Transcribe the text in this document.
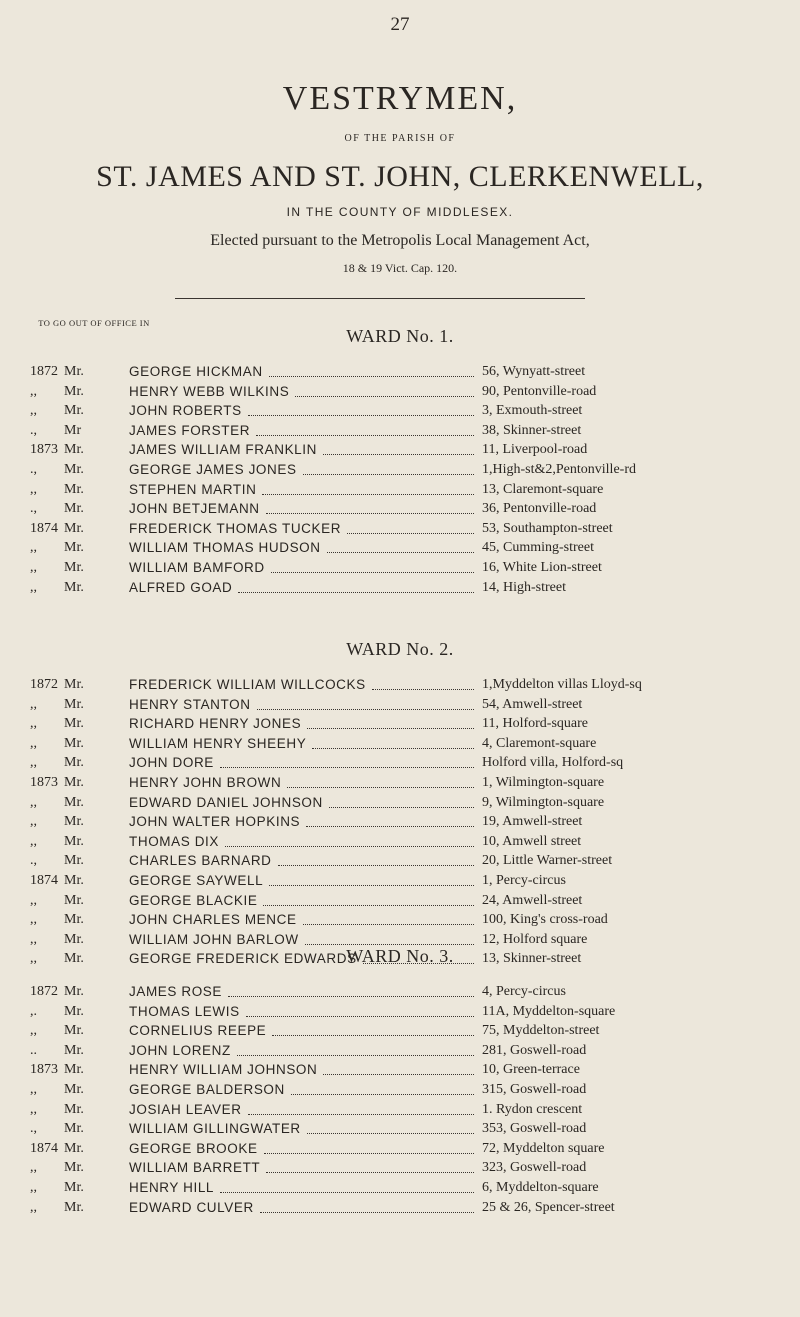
27
VESTRYMEN,
OF THE PARISH OF
ST. JAMES AND ST. JOHN, CLERKENWELL,
IN THE COUNTY OF MIDDLESEX.
Elected pursuant to the Metropolis Local Management Act,
18 & 19 Vict. Cap. 120.
TO GO OUT OF OFFICE IN
WARD No. 1.
1872 Mr.	GEORGE HICKMAN	56, Wynyatt-street
,, Mr.	HENRY WEBB WILKINS	90, Pentonville-road
,, Mr.	JOHN ROBERTS	3, Exmouth-street
., Mr	JAMES FORSTER	38, Skinner-street
1873 Mr.	JAMES WILLIAM FRANKLIN	11, Liverpool-road
., Mr.	GEORGE JAMES JONES	1,High-st&2,Pentonville-rd
,, Mr.	STEPHEN MARTIN	13, Claremont-square
., Mr.	JOHN BETJEMANN	36, Pentonville-road
1874 Mr.	FREDERICK THOMAS TUCKER	53, Southampton-street
,, Mr.	WILLIAM THOMAS HUDSON	45, Cumming-street
,, Mr.	WILLIAM BAMFORD	16, White Lion-street
,, Mr.	ALFRED GOAD	14, High-street
WARD No. 2.
1872 Mr.	FREDERICK WILLIAM WILLCOCKS	1,Myddelton villas Lloyd-sq
,, Mr.	HENRY STANTON	54, Amwell-street
,, Mr.	RICHARD HENRY JONES	11, Holford-square
,, Mr.	WILLIAM HENRY SHEEHY	4, Claremont-square
,, Mr.	JOHN DORE	Holford villa, Holford-sq
1873 Mr.	HENRY JOHN BROWN	1, Wilmington-square
,, Mr.	EDWARD DANIEL JOHNSON	9, Wilmington-square
,, Mr.	JOHN WALTER HOPKINS	19, Amwell-street
,, Mr.	THOMAS DIX	10, Amwell street
., Mr.	CHARLES BARNARD	20, Little Warner-street
1874 Mr.	GEORGE SAYWELL	1, Percy-circus
,, Mr.	GEORGE BLACKIE	24, Amwell-street
,, Mr.	JOHN CHARLES MENCE	100, King's cross-road
,, Mr.	WILLIAM JOHN BARLOW	12, Holford square
,, Mr.	GEORGE FREDERICK EDWARDS	13, Skinner-street
WARD No. 3.
1872 Mr.	JAMES ROSE	4, Percy-circus
,. Mr.	THOMAS LEWIS	11A, Myddelton-square
,, Mr.	CORNELIUS REEPE	75, Myddelton-street
.. Mr.	JOHN LORENZ	281, Goswell-road
1873 Mr.	HENRY WILLIAM JOHNSON	10, Green-terrace
,, Mr.	GEORGE BALDERSON	315, Goswell-road
,, Mr.	JOSIAH LEAVER	1. Rydon crescent
., Mr.	WILLIAM GILLINGWATER	353, Goswell-road
1874 Mr.	GEORGE BROOKE	72, Myddelton square
,, Mr.	WILLIAM BARRETT	323, Goswell-road
,, Mr.	HENRY HILL	6, Myddelton-square
,, Mr.	EDWARD CULVER	25 & 26, Spencer-street
